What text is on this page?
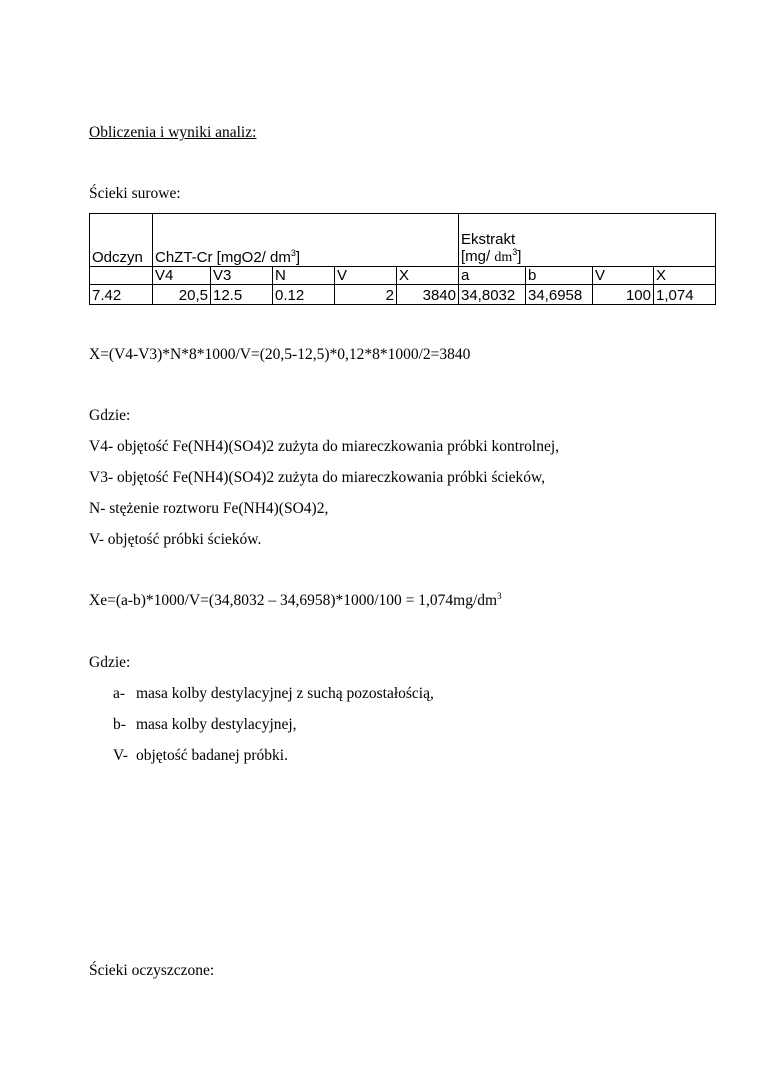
Obliczenia i wyniki analiz:
Ścieki surowe:
Odczyn	ChZT-Cr [mgO2/ $dm^3$]					Ekstrakt
[mg/ $dm^3$]			

	V4	V3	N	V	X	a	b	V	X
7.42	20,5	12.5	0.12	2	3840	34,8032	34,6958	100	1,074
X=(V4-V3)*N*8*1000/V=(20,5-12,5)*0,12*8*1000/2=3840
Gdzie:
V4- objętość Fe(NH4)(SO4)2 zużyta do miareczkowania próbki kontrolnej,
V3- objętość Fe(NH4)(SO4)2 zużyta do miareczkowania próbki ścieków,
N- stężenie roztworu Fe(NH4)(SO4)2,
V- objętość próbki ścieków.
$Xe=(a-b)*1000/V=(34,8032 - 34,6958)*1000/100 = 1,074mg/dm^3$
Gdzie:
a- masa kolby destylacyjnej z suchą pozostałością,
b- masa kolby destylacyjnej,
V- objętość badanej próbki.
Ścieki oczyszczone:
